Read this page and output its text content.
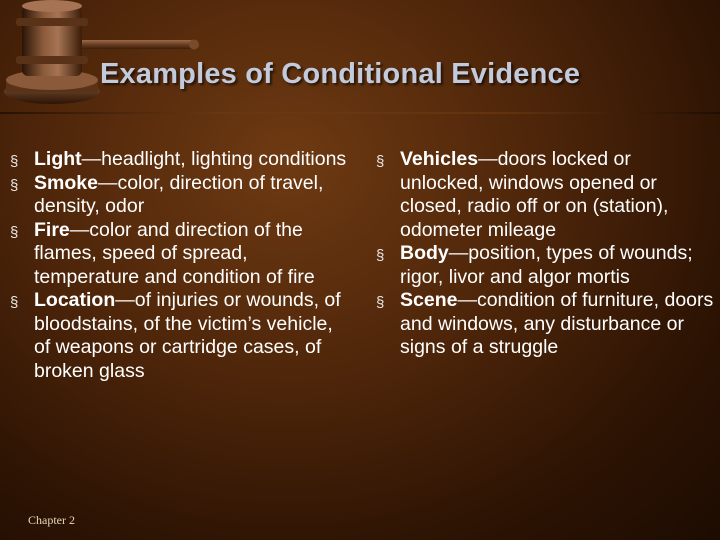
Examples of Conditional Evidence
§ Light—headlight, lighting conditions
§ Smoke—color, direction of travel, density, odor
§ Fire—color and direction of the flames, speed of spread, temperature and condition of fire
§ Location—of injuries or wounds, of bloodstains, of the victim’s vehicle, of weapons or cartridge cases, of broken glass
§ Vehicles—doors locked or unlocked, windows opened or closed, radio off or on (station), odometer mileage
§ Body—position, types of wounds; rigor, livor and algor mortis
§ Scene—condition of furniture, doors and windows, any disturbance or signs of a struggle
Chapter 2
